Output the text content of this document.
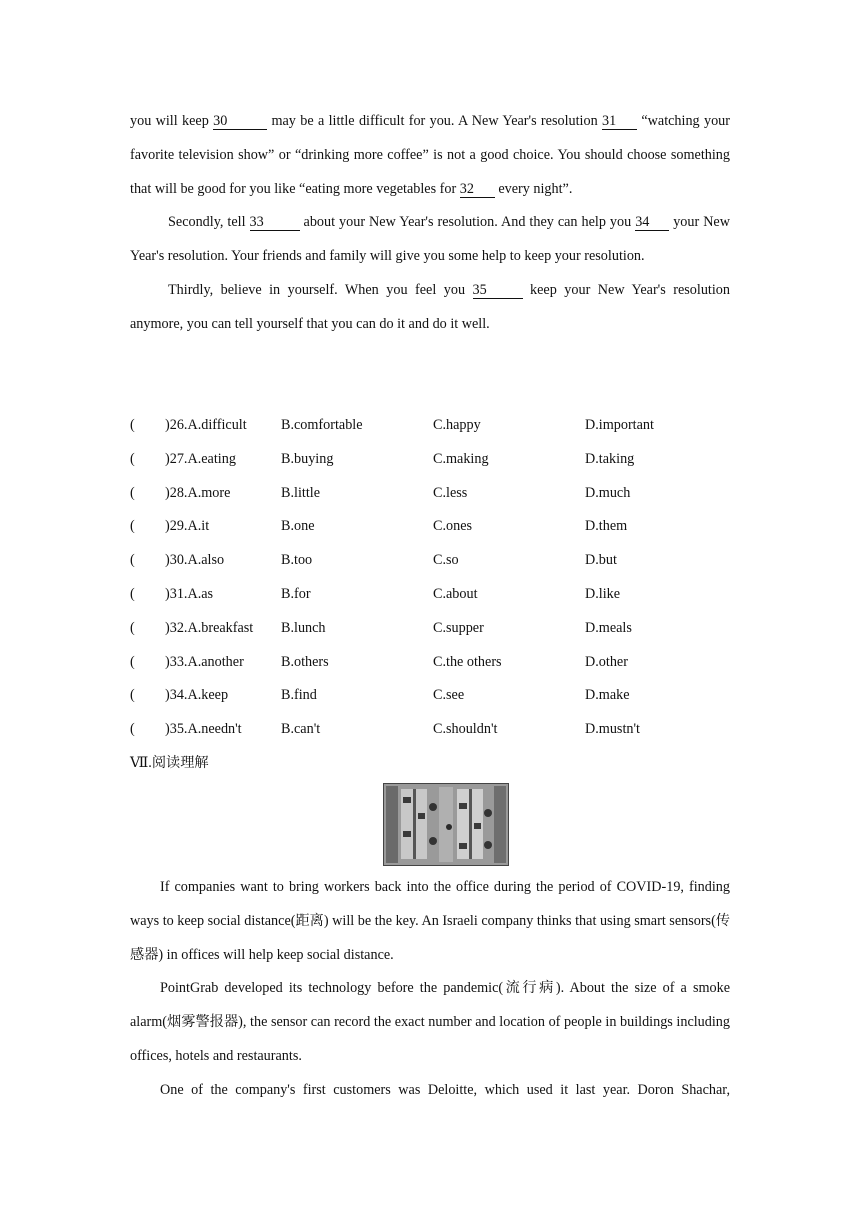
you will keep 30	may be a little difficult for you. A New Year's resolution 31 “watching your favorite television show” or “drinking more coffee” is not a good choice. You should choose something that will be good for you like “eating more vegetables for 32 every night”.

Secondly, tell 33	about your New Year's resolution. And they can help you 34 your New Year's resolution. Your friends and family will give you some help to keep your resolution.

Thirdly, believe in yourself. When you feel you 35	keep your New Year's resolution anymore, you can tell yourself that you can do it and do it well.

( )26.A.difficult B.comfortable	C.happy	D.important
( )27.A.eating	B.buying	C.making	D.taking
( )28.A.more	B.little	C.less	D.much
( )29.A.it	B.one	C.ones	D.them
( )30.A.also	B.too	C.so	D.but
( )31.A.as	B.for	C.about	D.like
( )32.A.breakfast B.lunch	C.supper	D.meals
( )33.A.another	B.others	C.the others	D.other
( )34.A.keep	B.find	C.see	D.make
( )35.A.needn't	B.can't	C.shouldn't	D.mustn't
Ⅶ.阅读理解

If companies want to bring workers back into the office during the period of COVID-19, finding ways to keep social distance(距离) will be the key. An Israeli company thinks that using smart sensors(传感器) in offices will help keep social distance.

PointGrab developed its technology before the pandemic(流行病). About the size of a smoke alarm(烟雾警报器), the sensor can record the exact number and location of people in buildings including offices, hotels and restaurants.

One of the company's first customers was Deloitte, which used it last year. Doron Shachar,
